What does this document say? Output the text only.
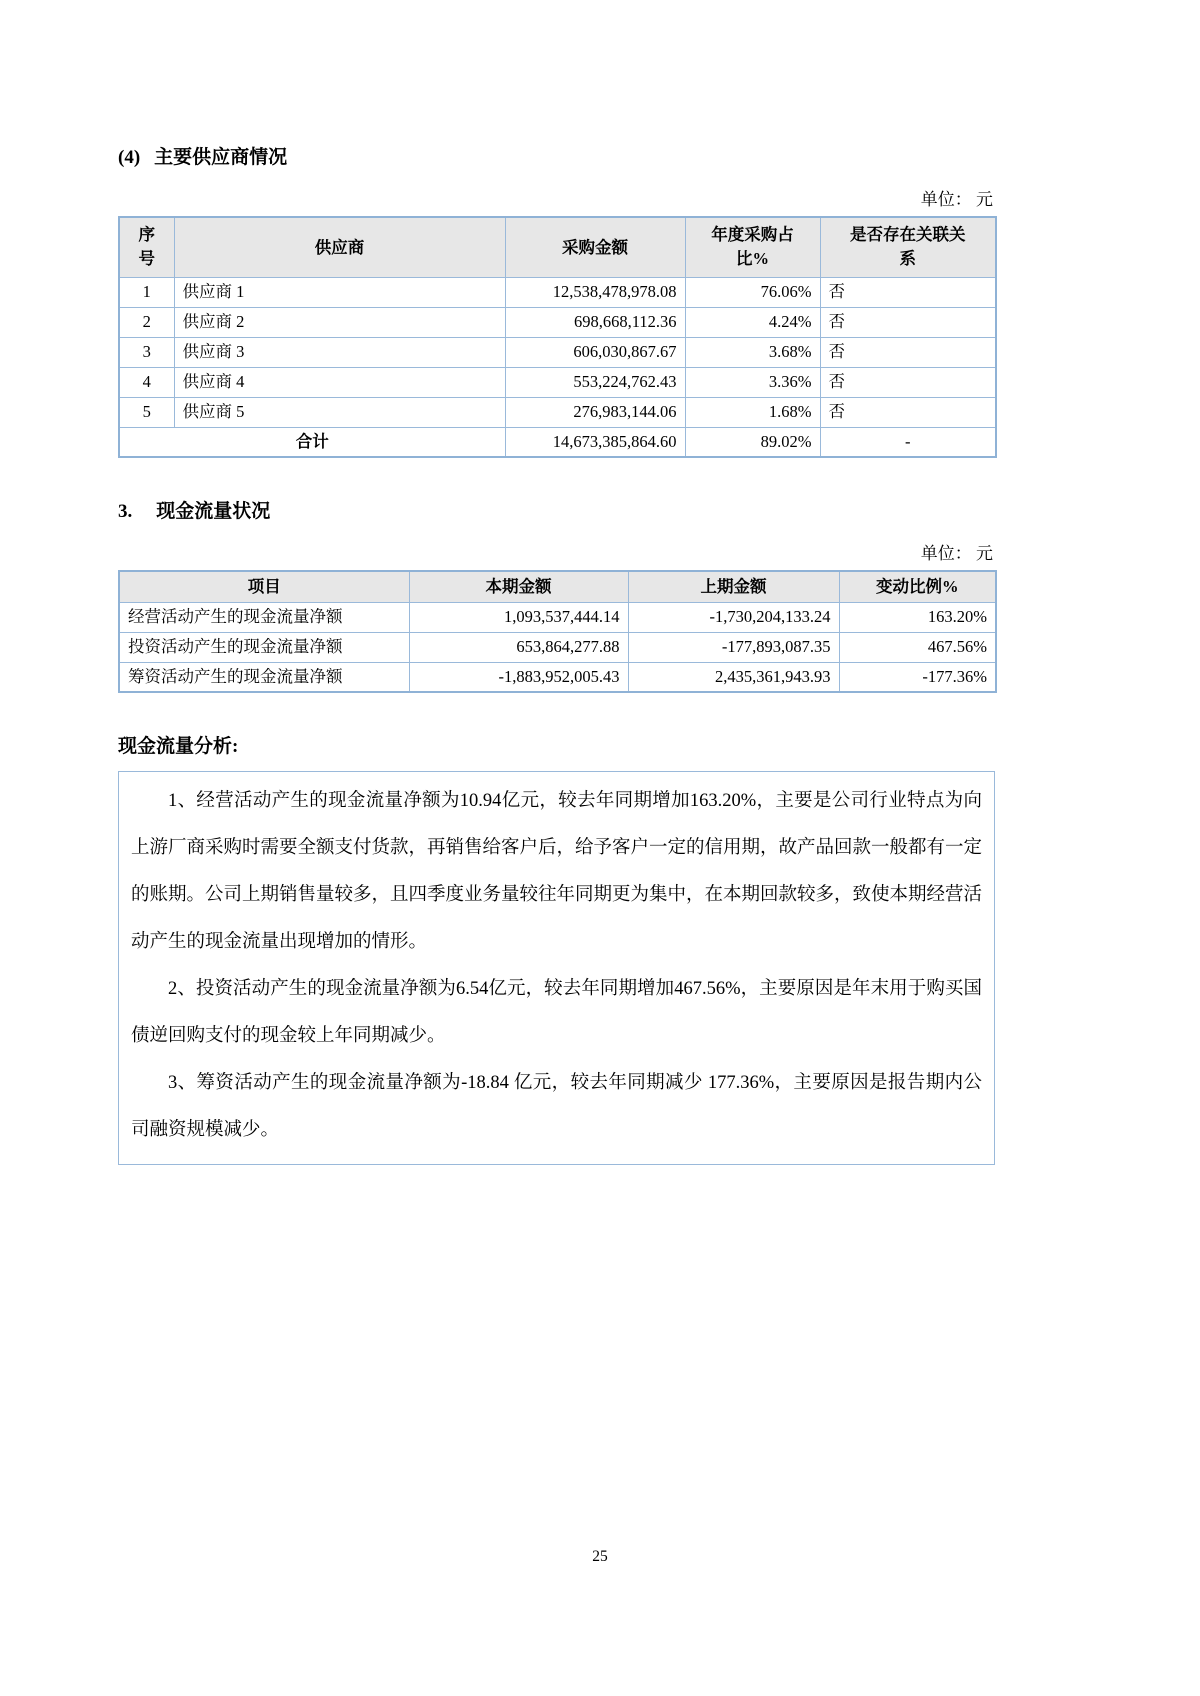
(4) 主要供应商情况
单位： 元
序号	供应商	采购金额	年度采购占比%	是否存在关联关系
1	供应商 1	12,538,478,978.08	76.06%	否
2	供应商 2	698,668,112.36	4.24%	否
3	供应商 3	606,030,867.67	3.68%	否
4	供应商 4	553,224,762.43	3.36%	否
5	供应商 5	276,983,144.06	1.68%	否
合计		14,673,385,864.60	89.02%	-
3. 现金流量状况
单位： 元
项目	本期金额	上期金额	变动比例%
经营活动产生的现金流量净额	1,093,537,444.14	-1,730,204,133.24	163.20%
投资活动产生的现金流量净额	653,864,277.88	-177,893,087.35	467.56%
筹资活动产生的现金流量净额	-1,883,952,005.43	2,435,361,943.93	-177.36%
现金流量分析:

1、经营活动产生的现金流量净额为10.94亿元，较去年同期增加163.20%，主要是公司行业特点为向上游厂商采购时需要全额支付货款，再销售给客户后，给予客户一定的信用期，故产品回款一般都有一定的账期。公司上期销售量较多，且四季度业务量较往年同期更为集中，在本期回款较多，致使本期经营活动产生的现金流量出现增加的情形。

2、投资活动产生的现金流量净额为6.54亿元，较去年同期增加467.56%，主要原因是年末用于购买国债逆回购支付的现金较上年同期减少。

3、筹资活动产生的现金流量净额为-18.84 亿元，较去年同期减少 177.36%，主要原因是报告期内公司融资规模减少。

25
